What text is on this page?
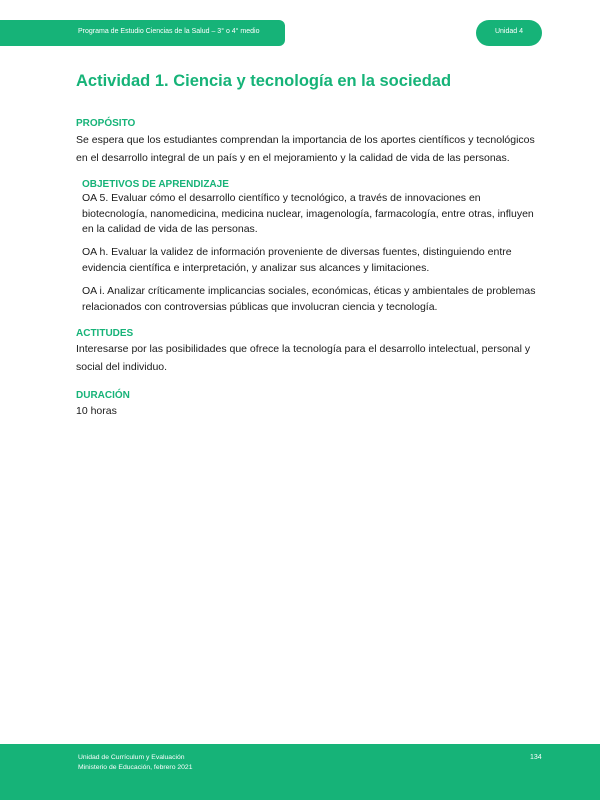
Programa de Estudio Ciencias de la Salud – 3° o 4° medio	Unidad 4
Actividad 1. Ciencia y tecnología en la sociedad
PROPÓSITO
Se espera que los estudiantes comprendan la importancia de los aportes científicos y tecnológicos en el desarrollo integral de un país y en el mejoramiento y la calidad de vida de las personas.
OBJETIVOS DE APRENDIZAJE
OA 5. Evaluar cómo el desarrollo científico y tecnológico, a través de innovaciones en biotecnología, nanomedicina, medicina nuclear, imagenología, farmacología, entre otras, influyen en la calidad de vida de las personas.
OA h. Evaluar la validez de información proveniente de diversas fuentes, distinguiendo entre evidencia científica e interpretación, y analizar sus alcances y limitaciones.
OA i. Analizar críticamente implicancias sociales, económicas, éticas y ambientales de problemas relacionados con controversias públicas que involucran ciencia y tecnología.
ACTITUDES
Interesarse por las posibilidades que ofrece la tecnología para el desarrollo intelectual, personal y social del individuo.
DURACIÓN
10 horas
Unidad de Currículum y Evaluación
Ministerio de Educación, febrero 2021
134
